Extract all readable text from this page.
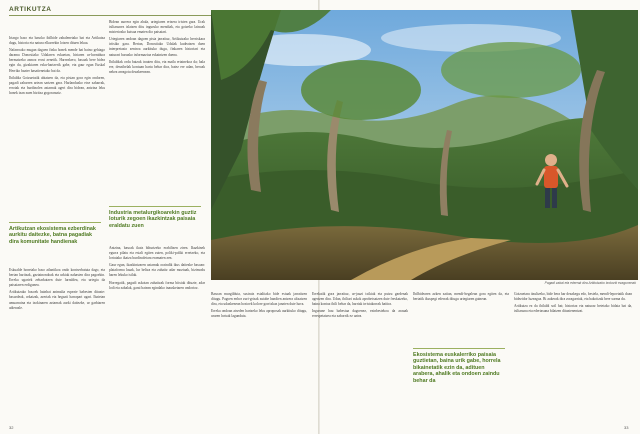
ARTIKUTZA

Iriargo baso eta basoko ibilbide zabalenetako bat eta Artikutza dugu, historia eta natura elkarrekin lotzen dituen lekua.

Nafarroako mugan dagoen finka honek mende bat baino gehiago darama Donostiako Udalaren eskuetan, hiriaren ur-hornidura bermatzeko asmoz erosi zenetik. Harrezkero, basoak bere bidea egin du, gizakiaren esku-hartzerik gabe, eta gaur egun Euskal Herriko bazter basatienetako bat da.

Ibilaldia Goizuetatik abiatzen da, eta pistan gora egin ondoren, pagadi zaharren artean sartzen gara. Harlanduzko etxe zaharrak, errotak eta burdinolen aztarnak ageri dira bidean, antzina leku honek izan zuen bizitza gogoraraziz.

Artikutzan ekosistema ezberdinak aurkitu daitezke, batna pagadiak dira komunitate handienak

Eskualde honetako baso atlantikoa ondo kontserbatuta dago, eta bertan haritzak, gaztainondoak eta urkiak nahasten dira pagoekin. Erreka ugariek zeharkatzen dute lurraldea, eta urtegia da paisaiaren erdigunea.

Artikutzako basoek hainbat animalia espezie babesten dituzte: basurdeak, orkatzak, azeriak eta hegazti harrapari ugari. Ibaietan amuarraina eta izokinaren aztarnak aurki daitezke, ur garbiaren adierazle.

Bidean aurrera egin ahala, urtegiaren ertzera iristen gara. Urak isiltasunez islatzen ditu inguruko mendiak, eta goizeko lainoak misteriozko kutsua ematen dio paisaiari.

Urtegiaren ondoan dagoen pista jarraituz, Artikutzako herrixkara iritsiko gara. Bertan, Donostiako Udalak kudeatzen duen interpretazio zentroa aurkituko dugu, finkaren historiari eta naturari buruzko informazioa eskaintzen duena.

Ibilaldiak ordu batzuk irauten ditu, eta maila ertainekoa da; hala ere, desnibelak kontuan hartu behar dira, batez ere udan, beroak nekea areagotu dezakeenean.

Industria metalurgikoarekin guztiz loturik zegoen ikazkintzak paisaia eraldatu zuen

Antzina, basoak ikatz bihurtzeko erabiltzen ziren. Ikazkinek egurra pilatu eta estali egiten zuten, poliki-poliki erretzeko, eta lortutako ikatza burdinoletara eramaten zen.

Gaur egun, ikazkintzaren aztarnak oraindik ikus daitezke basoan: plataforma lauak, lur beltza eta zuhaitz adar moztuak, bizimodu haren lekuko isilak.

Horregatik, pagadi askotan zuhaitzak forma bitxiak dituzte, adar lodi eta zabalak, garai batean egindako inausketaren ondorioz.

32
Pagadi zabal eta ederrak dira Artikutzako txokorik ezagunenak

Basoan murgilduta, sustraiz estalitako bide estuak jarraitzen ditugu. Pagoen enbor zuri-grisak zutabe handien antzera altxatzen dira, eta udazkenean hostoek kolore gorrixkaz janzten dute lurra.

Erreka ondoan atseden hartzeko leku aproposak aurkituko ditugu, uraren hotsak lagunduta.

Errekatik gora jarraituz, ur-jauzi txikiak eta putzu gardenak agertzen dira. Udan, ibiltari askok aprobetxatzen dute freskatzeko, baina kontuz ibili behar da, harriak irristakorrak baitira.

Ingurune hau babestua dagoenez, ezinbestekoa da arauak errespetatzea eta zaborrik ez uztea.

Ibilbidearen azken zatian, mendi-hegalean gora egiten da, eta bertatik ikuspegi ederrak ditugu urtegiaren gainean.

Ekosistema euskalerriko paisaia guztietan, baina urik gabe, horrela bikainetatik ezin da, adituen arabera, ahalik eta ondoen zaindu behar da

Goizuetara itzultzeko, bide bera har dezakegu edo, bestela, mendi-lepoetatik doan bidezidor luzeagoa. Bi aukerak dira zoragarriak, eta bakoitzak bere xarma du.

Artikutza ez da ibilaldi soil bat; historiaz eta naturaz betetako bidaia bat da, isiltasuna eta edertasuna bilatzen dituztenentzat.

33
